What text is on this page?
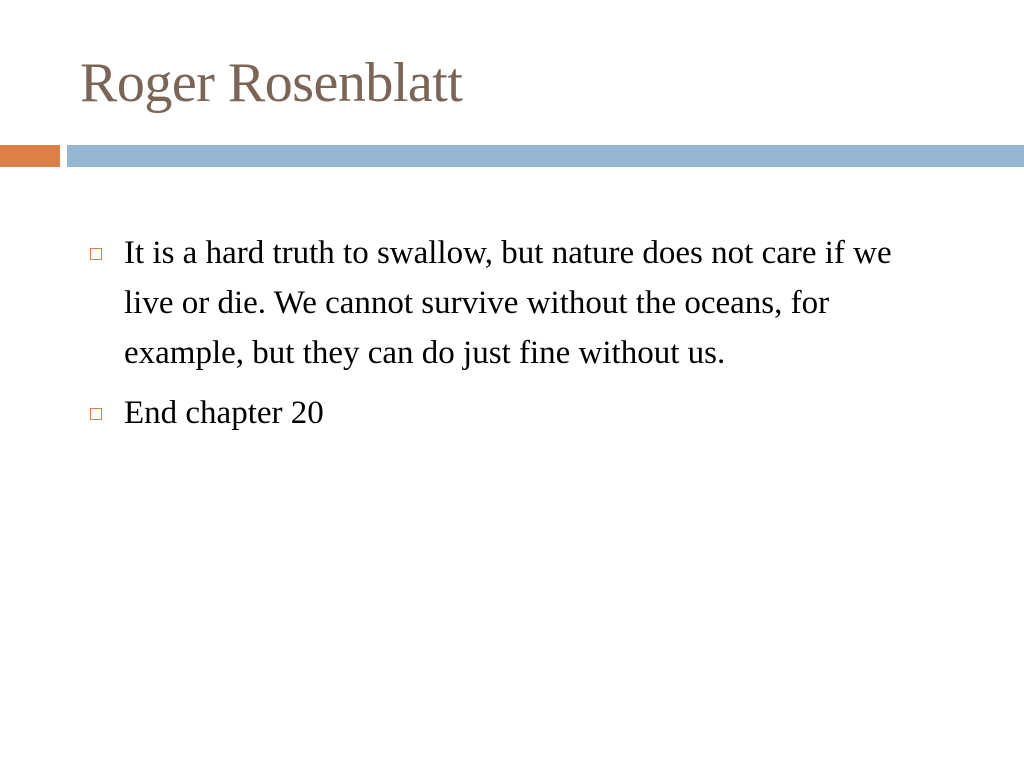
Roger Rosenblatt
It is a hard truth to swallow, but nature does not care if we live or die. We cannot survive without the oceans, for example, but they can do just fine without us.
End chapter 20
